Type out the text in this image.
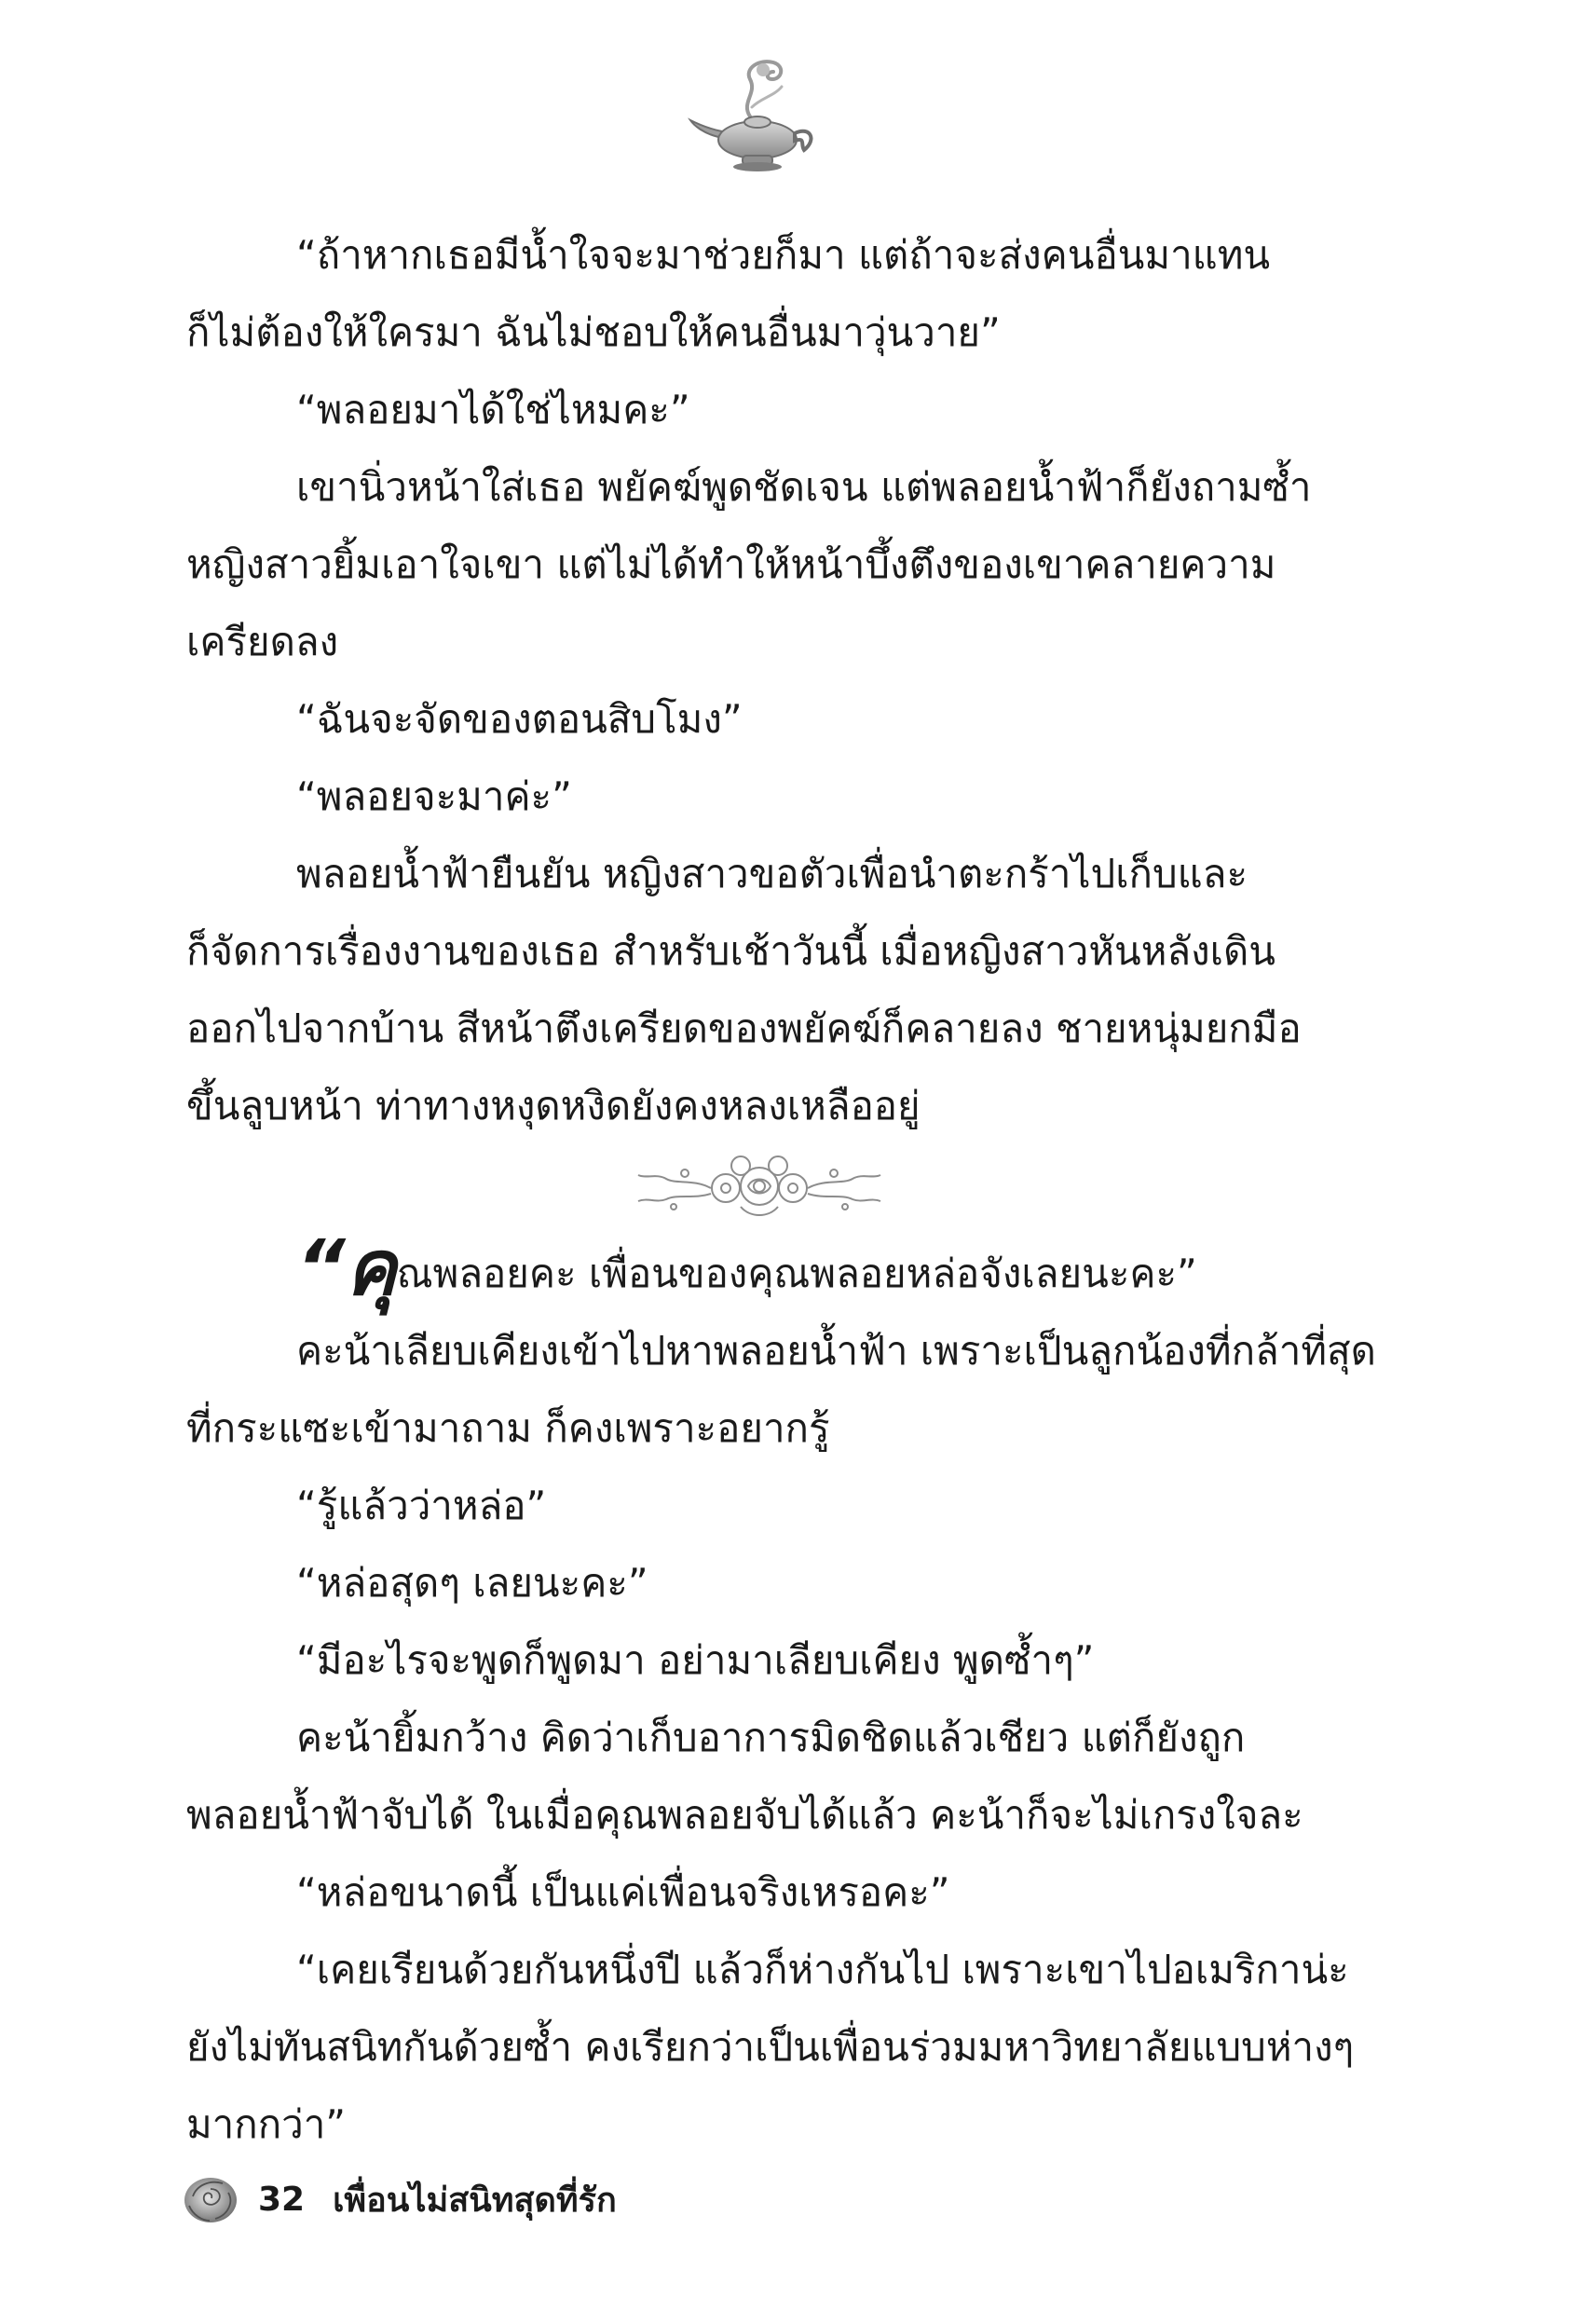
“ถ้าหากเธอมีน้ำใจจะมาช่วยก็มา แต่ถ้าจะส่งคนอื่นมาแทน

ก็ไม่ต้องให้ใครมา ฉันไม่ชอบให้คนอื่นมาวุ่นวาย”

“พลอยมาได้ใช่ไหมคะ”

เขานิ่วหน้าใส่เธอ พยัคฆ์พูดชัดเจน แต่พลอยน้ำฟ้าก็ยังถามซ้ำ

หญิงสาวยิ้มเอาใจเขา แต่ไม่ได้ทำให้หน้าบึ้งตึงของเขาคลายความ

เครียดลง

“ฉันจะจัดของตอนสิบโมง”

“พลอยจะมาค่ะ”

พลอยน้ำฟ้ายืนยัน หญิงสาวขอตัวเพื่อนำตะกร้าไปเก็บและ

ก็จัดการเรื่องงานของเธอ สำหรับเช้าวันนี้ เมื่อหญิงสาวหันหลังเดิน

ออกไปจากบ้าน สีหน้าตึงเครียดของพยัคฆ์ก็คลายลง ชายหนุ่มยกมือ

ขึ้นลูบหน้า ท่าทางหงุดหงิดยังคงหลงเหลืออยู่

“คุณพลอยคะ เพื่อนของคุณพลอยหล่อจังเลยนะคะ”

คะน้าเลียบเคียงเข้าไปหาพลอยน้ำฟ้า เพราะเป็นลูกน้องที่กล้าที่สุด

ที่กระแซะเข้ามาถาม ก็คงเพราะอยากรู้

“รู้แล้วว่าหล่อ”

“หล่อสุดๆ เลยนะคะ”

“มีอะไรจะพูดก็พูดมา อย่ามาเลียบเคียง พูดซ้ำๆ”

คะน้ายิ้มกว้าง คิดว่าเก็บอาการมิดชิดแล้วเชียว แต่ก็ยังถูก

พลอยน้ำฟ้าจับได้ ในเมื่อคุณพลอยจับได้แล้ว คะน้าก็จะไม่เกรงใจละ

“หล่อขนาดนี้ เป็นแค่เพื่อนจริงเหรอคะ”

“เคยเรียนด้วยกันหนึ่งปี แล้วก็ห่างกันไป เพราะเขาไปอเมริกาน่ะ

ยังไม่ทันสนิทกันด้วยซ้ำ คงเรียกว่าเป็นเพื่อนร่วมมหาวิทยาลัยแบบห่างๆ

มากกว่า”

32 เพื่อนไม่สนิทสุดที่รัก
